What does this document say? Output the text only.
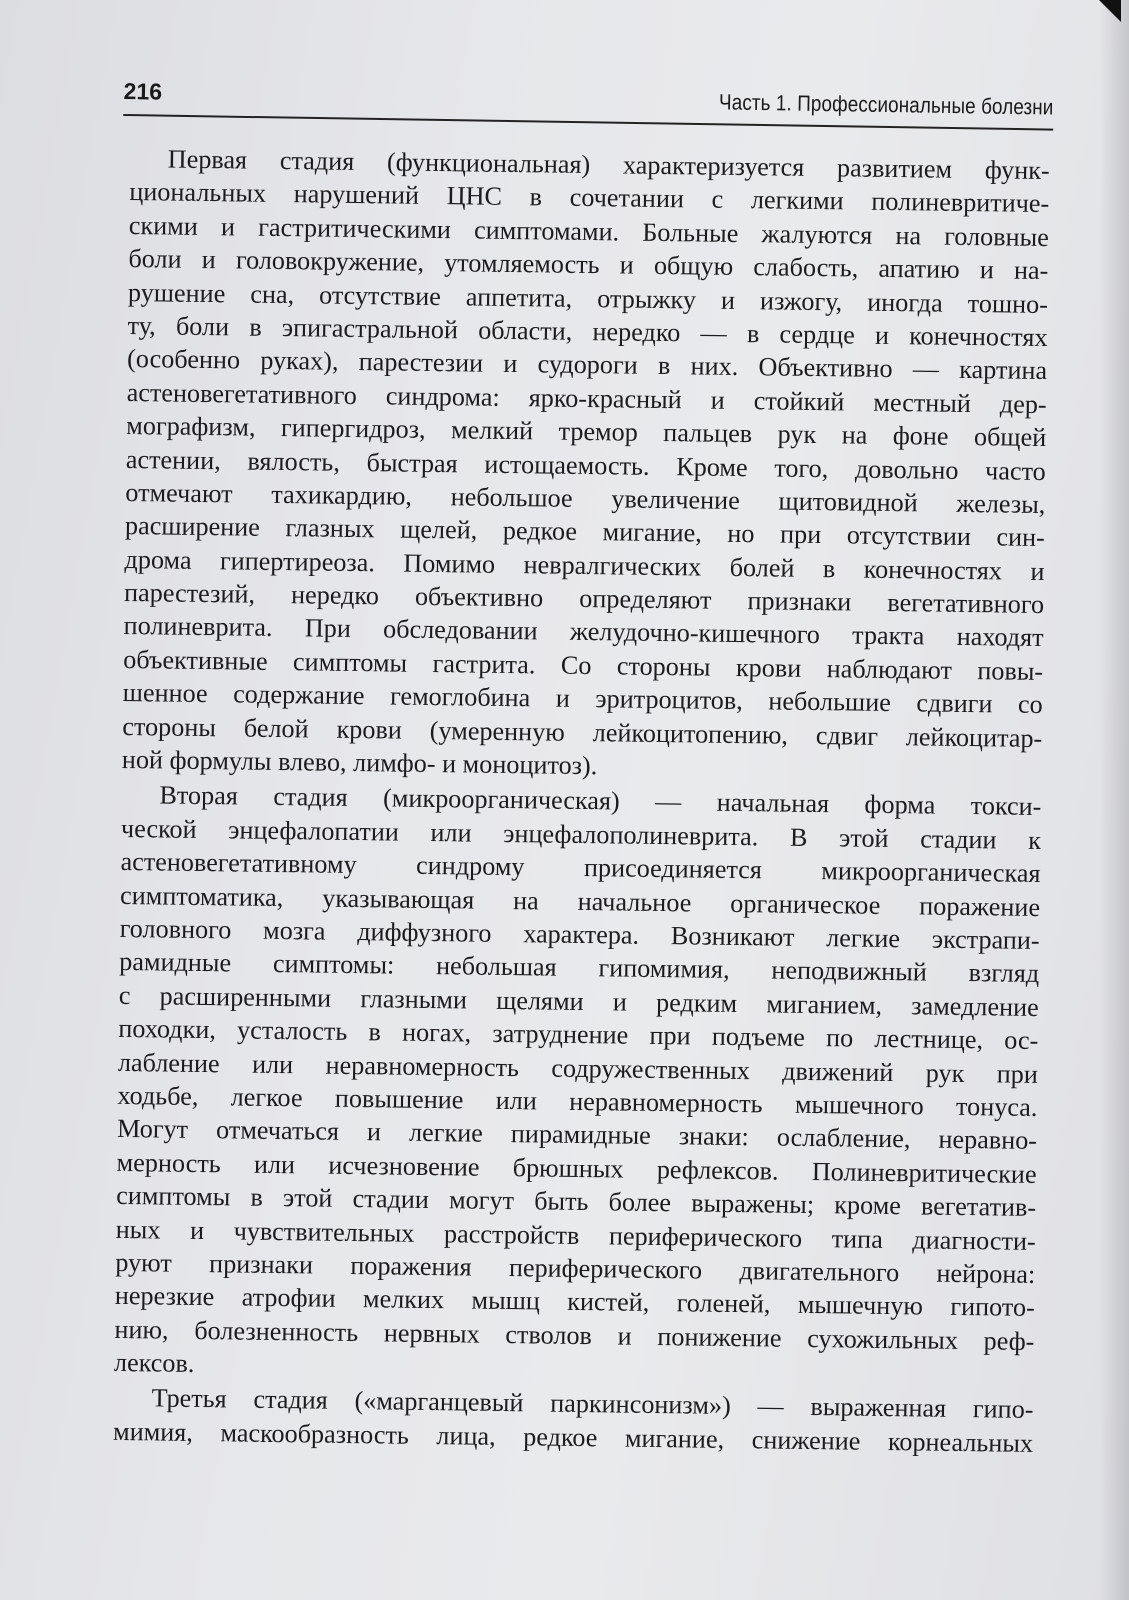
216	Часть 1. Профессиональные болезни
Первая стадия (функциональная) характеризуется развитием функ-
циональных нарушений ЦНС в сочетании с легкими полиневритиче-
скими и гастритическими симптомами. Больные жалуются на головные
боли и головокружение, утомляемость и общую слабость, апатию и на-
рушение сна, отсутствие аппетита, отрыжку и изжогу, иногда тошно-
ту, боли в эпигастральной области, нередко — в сердце и конечностях
(особенно руках), парестезии и судороги в них. Объективно — картина
астеновегетативного синдрома: ярко-красный и стойкий местный дер-
мографизм, гипергидроз, мелкий тремор пальцев рук на фоне общей
астении, вялость, быстрая истощаемость. Кроме того, довольно часто
отмечают тахикардию, небольшое увеличение щитовидной железы,
расширение глазных щелей, редкое мигание, но при отсутствии син-
дрома гипертиреоза. Помимо невралгических болей в конечностях и
парестезий, нередко объективно определяют признаки вегетативного
полиневрита. При обследовании желудочно-кишечного тракта находят
объективные симптомы гастрита. Со стороны крови наблюдают повы-
шенное содержание гемоглобина и эритроцитов, небольшие сдвиги со
стороны белой крови (умеренную лейкоцитопению, сдвиг лейкоцитар-
ной формулы влево, лимфо- и моноцитоз).
Вторая стадия (микроорганическая) — начальная форма токси-
ческой энцефалопатии или энцефалополиневрита. В этой стадии к
астеновегетативному синдрому присоединяется микроорганическая
симптоматика, указывающая на начальное органическое поражение
головного мозга диффузного характера. Возникают легкие экстрапи-
рамидные симптомы: небольшая гипомимия, неподвижный взгляд
с расширенными глазными щелями и редким миганием, замедление
походки, усталость в ногах, затруднение при подъеме по лестнице, ос-
лабление или неравномерность содружественных движений рук при
ходьбе, легкое повышение или неравномерность мышечного тонуса.
Могут отмечаться и легкие пирамидные знаки: ослабление, неравно-
мерность или исчезновение брюшных рефлексов. Полиневритические
симптомы в этой стадии могут быть более выражены; кроме вегетатив-
ных и чувствительных расстройств периферического типа диагности-
руют признаки поражения периферического двигательного нейрона:
нерезкие атрофии мелких мышц кистей, голеней, мышечную гипото-
нию, болезненность нервных стволов и понижение сухожильных реф-
лексов.
Третья стадия («марганцевый паркинсонизм») — выраженная гипо-
мимия, маскообразность лица, редкое мигание, снижение корнеальных
